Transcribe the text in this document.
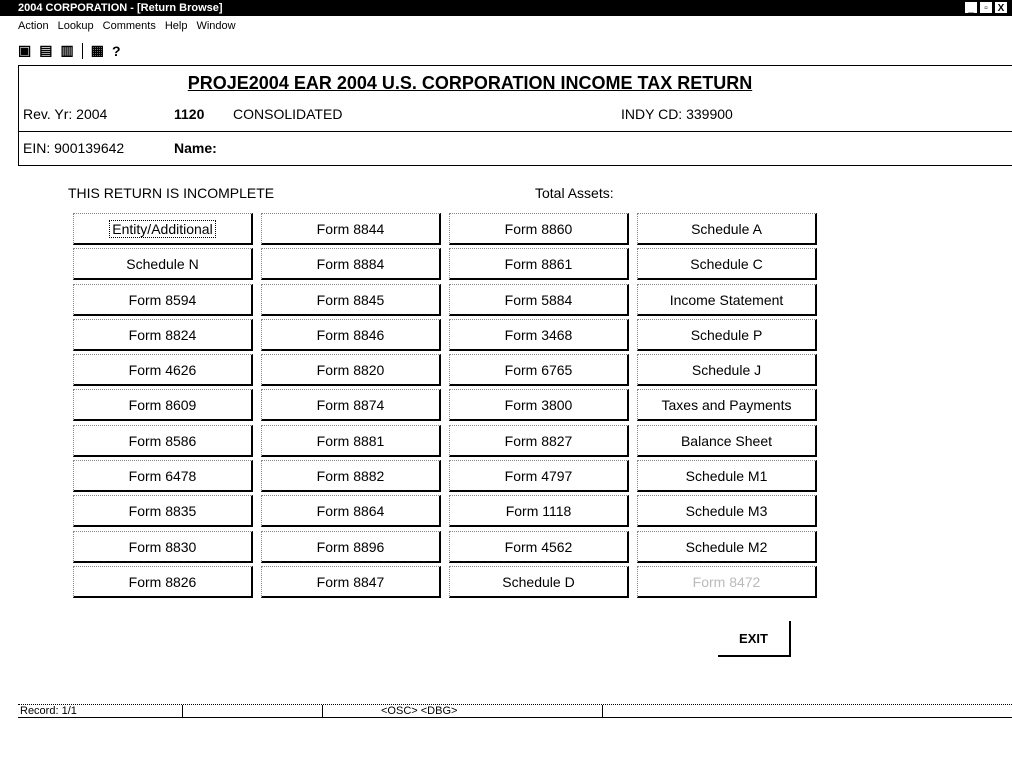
2004 CORPORATION - [Return Browse]	_	▫ X
Action Lookup Comments Help Window
▣ ▤ ▥ ▦ ?
PROJE2004 EAR 2004 U.S. CORPORATION INCOME TAX RETURN
Rev. Yr: 2004	1120 CONSOLIDATED	INDY CD: 339900
EIN: 900139642	Name:
THIS RETURN IS INCOMPLETE	Total Assets:
Entity/Additional	Form 8844	Form 8860	Schedule A
Schedule N	Form 8884	Form 8861	Schedule C
Form 8594	Form 8845	Form 5884	Income Statement
Form 8824	Form 8846	Form 3468	Schedule P
Form 4626	Form 8820	Form 6765	Schedule J
Form 8609	Form 8874	Form 3800	Taxes and Payments
Form 8586	Form 8881	Form 8827	Balance Sheet
Form 6478	Form 8882	Form 4797	Schedule M1
Form 8835	Form 8864	Form 1118	Schedule M3
Form 8830	Form 8896	Form 4562	Schedule M2
Form 8826	Form 8847	Schedule D	Form 8472
EXIT
Record: 1/1	<OSC> <DBG>
